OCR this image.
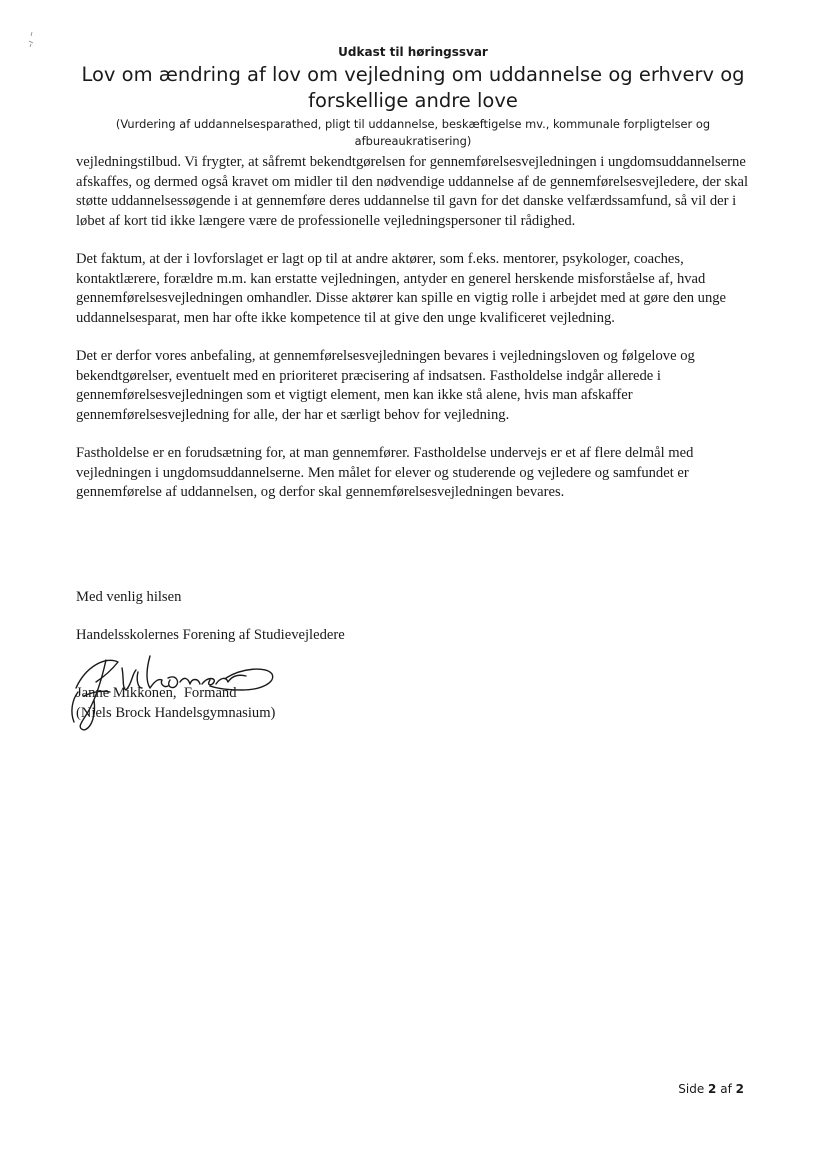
Udkast til høringssvar

Lov om ændring af lov om vejledning om uddannelse og erhverv og forskellige andre love

(Vurdering af uddannelsesparathed, pligt til uddannelse, beskæftigelse mv., kommunale forpligtelser og afbureaukratisering)

vejledningstilbud. Vi frygter, at såfremt bekendtgørelsen for gennemførelsesvejledningen i ungdomsuddannelserne afskaffes, og dermed også kravet om midler til den nødvendige uddannelse af de gennemførelsesvejledere, der skal støtte uddannelsessøgende i at gennemføre deres uddannelse til gavn for det danske velfærdssamfund, så vil der i løbet af kort tid ikke længere være de professionelle vejledningspersoner til rådighed.

Det faktum, at der i lovforslaget er lagt op til at andre aktører, som f.eks. mentorer, psykologer, coaches, kontaktlærere, forældre m.m. kan erstatte vejledningen, antyder en generel herskende misforståelse af, hvad gennemførelsesvejledningen omhandler. Disse aktører kan spille en vigtig rolle i arbejdet med at gøre den unge uddannelsesparat, men har ofte ikke kompetence til at give den unge kvalificeret vejledning.

Det er derfor vores anbefaling, at gennemførelsesvejledningen bevares i vejledningsloven og følgelove og bekendtgørelser, eventuelt med en prioriteret præcisering af indsatsen. Fastholdelse indgår allerede i gennemførelsesvejledningen som et vigtigt element, men kan ikke stå alene, hvis man afskaffer gennemførelsesvejledning for alle, der har et særligt behov for vejledning.

Fastholdelse er en forudsætning for, at man gennemfører. Fastholdelse undervejs er et af flere delmål med vejledningen i ungdomsuddannelserne. Men målet for elever og studerende og vejledere og samfundet er gennemførelse af uddannelsen, og derfor skal gennemførelsesvejledningen bevares.

Med venlig hilsen

Handelsskolernes Forening af Studievejledere

Janne Mikkonen,  Formand
(Niels Brock Handelsgymnasium)
Side 2 af 2
